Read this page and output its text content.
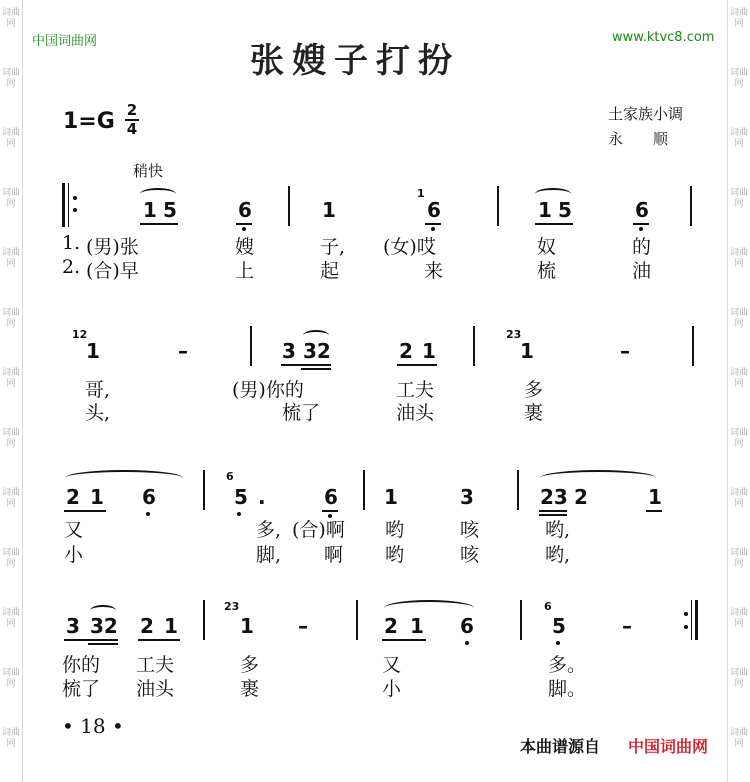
词曲网
词曲网
词曲网
词曲网
词曲网
词曲网
词曲网
词曲网
词曲网
词曲网
词曲网
词曲网
词曲网
词曲网
词曲网
词曲网
词曲网
词曲网
词曲网
词曲网
词曲网
词曲网
词曲网
词曲网
词曲网
词曲网
中国词曲网	www.ktvc8.com
张嫂子打扮
1=G 2
4
土家族小调
永　　顺
稍快
1 5	6	1
1
6	1 5	6
1. (男)张	嫂	子, (女)哎	奴	的
2. (合)早	上	起	来	梳	油
12
1	–	3 32	2 1
23
1	–
哥,	(男)你的	工夫	多
头,	梳了	油头	裹
2 1 6
6
5 .	6 1	3	23 2	1
又	多, (合)啊 哟	咳	哟,
小	脚, 啊 哟	咳	哟,
3 32 2 1
23
1 –	2 1 6
6
5	–
你的 工夫	多	又	多。
梳了 油头	裹	小	脚。
• 18 •
本曲谱源自 中国词曲网
